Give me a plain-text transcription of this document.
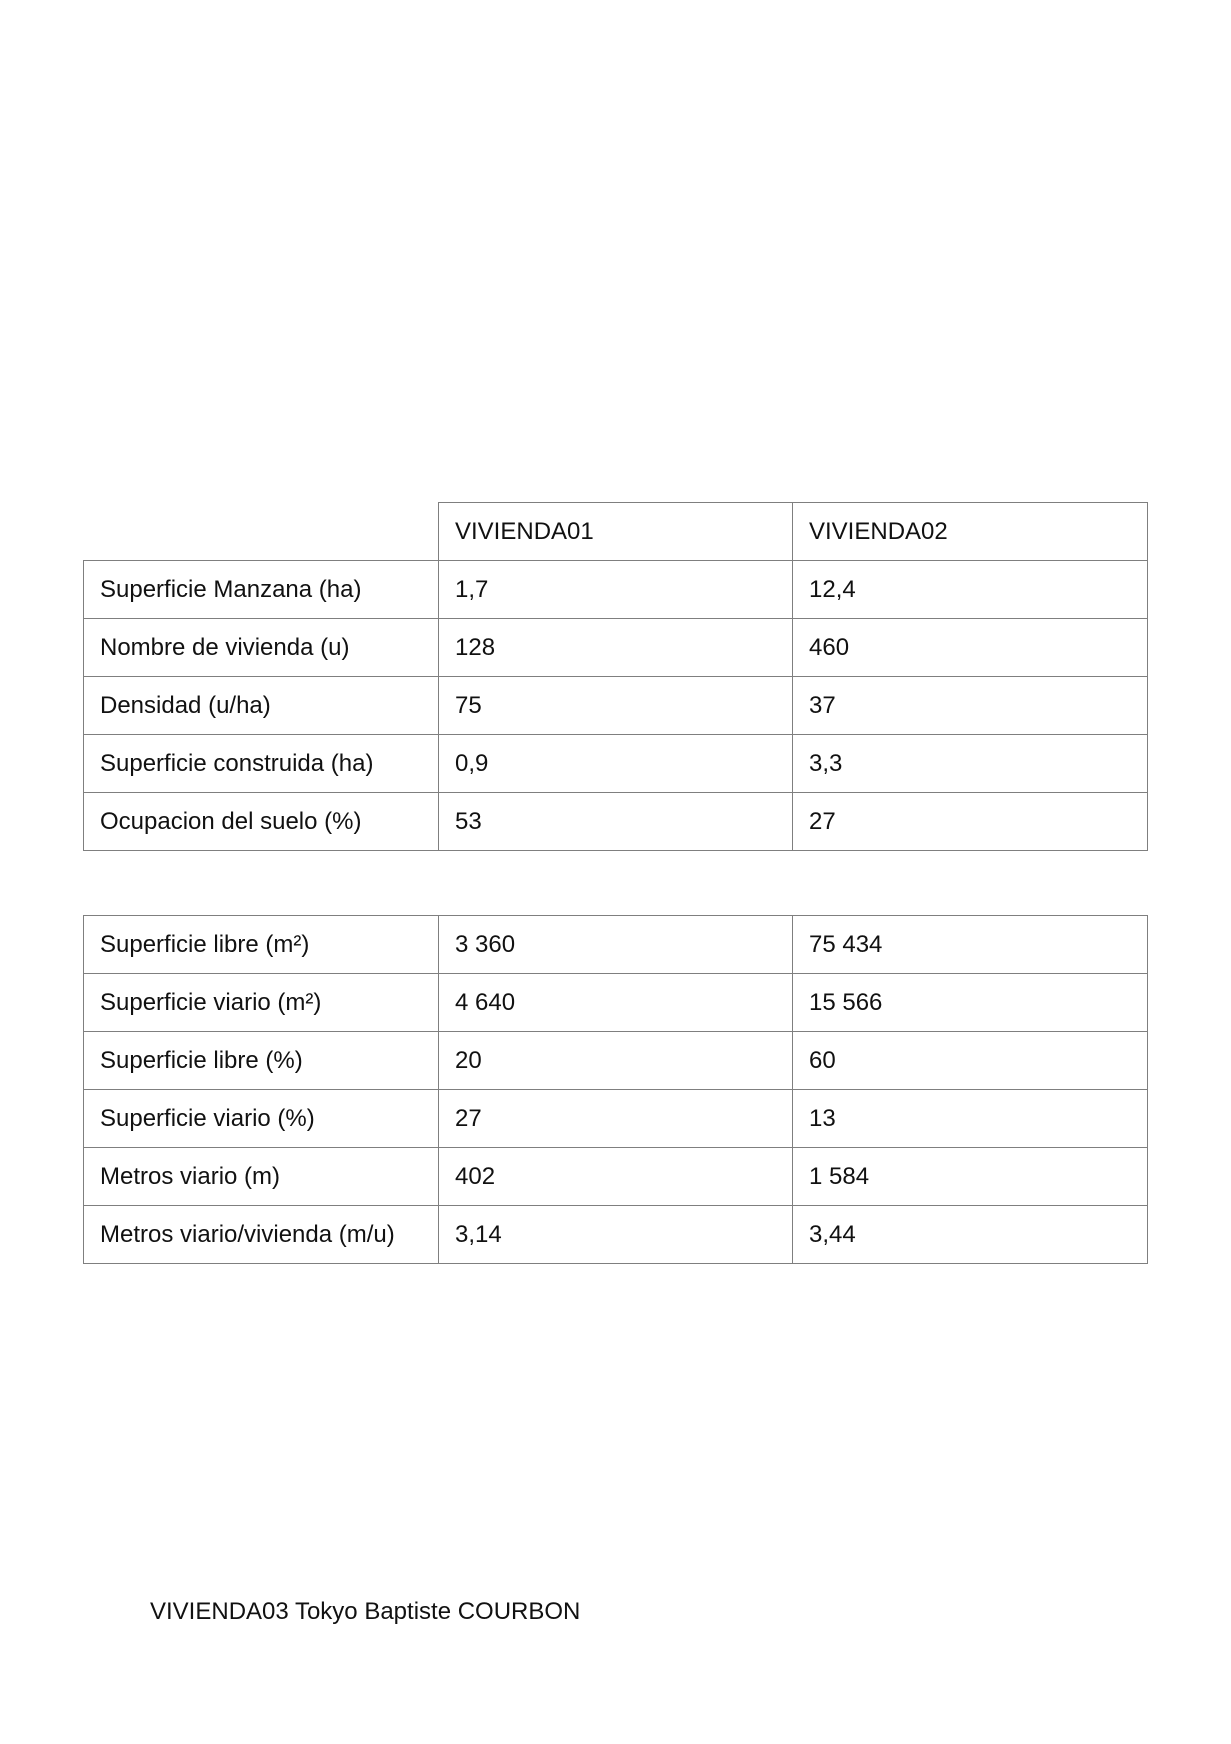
	VIVIENDA01	VIVIENDA02
Superficie Manzana (ha)	1,7	12,4
Nombre de vivienda (u)	128	460
Densidad (u/ha)	75	37
Superficie construida (ha)	0,9	3,3
Ocupacion del suelo (%)	53	27
Superficie libre (m²)	3 360	75 434
Superficie viario (m²)	4 640	15 566
Superficie libre (%)	20	60
Superficie viario (%)	27	13
Metros viario (m)	402	1 584
Metros viario/vivienda (m/u)	3,14	3,44
VIVIENDA03 Tokyo Baptiste COURBON
